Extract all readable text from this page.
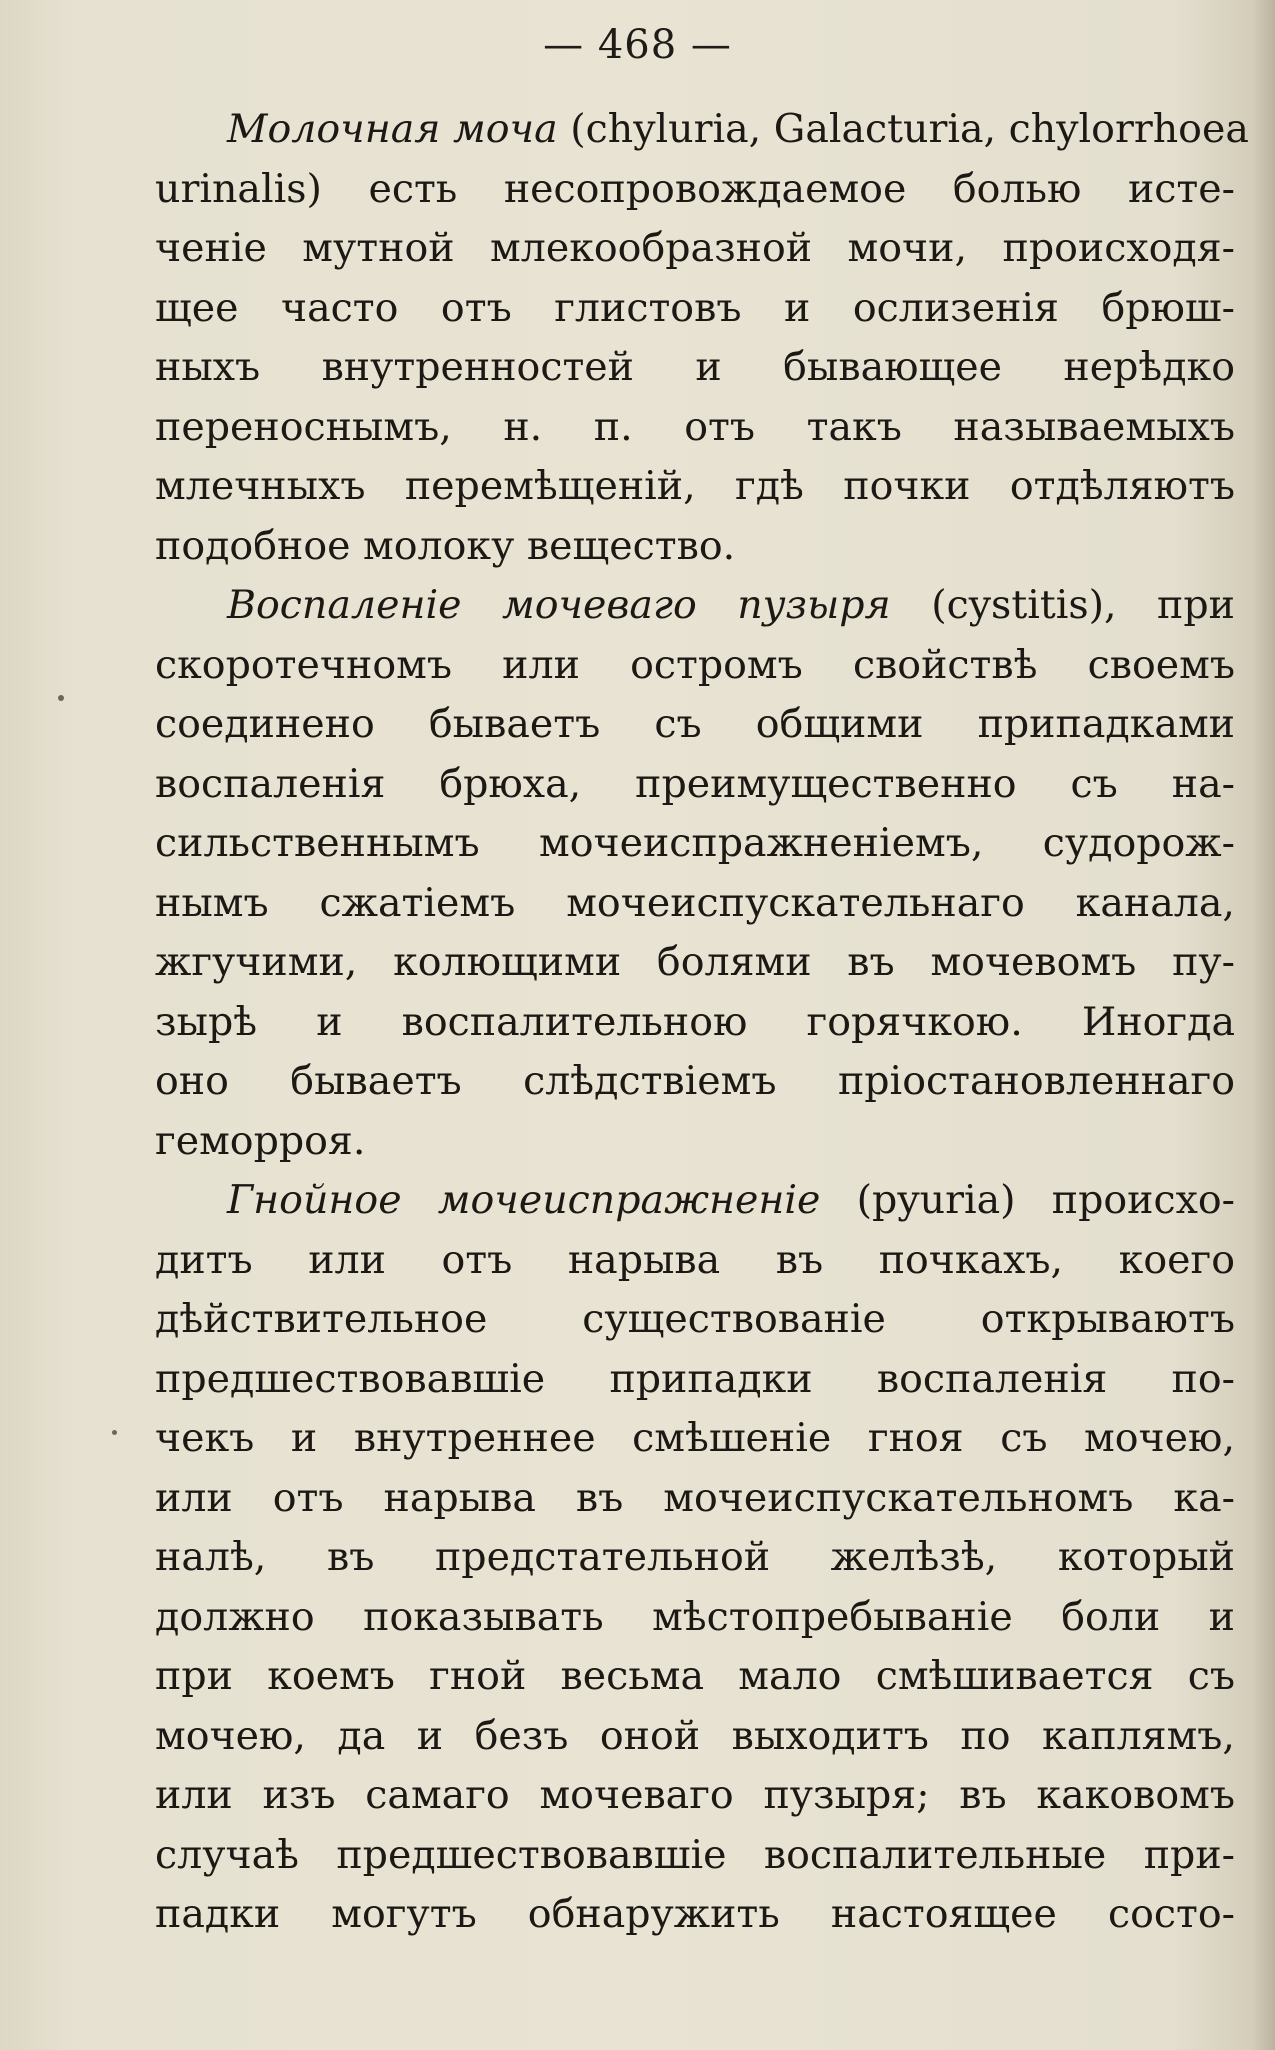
— 468 —
Молочная моча (chyluria, Galacturia, chylorrhoea
urinalis) есть несопровождаемое болью истe-
ченіе мутной млекообразной мочи, происходя-
щее часто отъ глистовъ и ослизенія брюш-
ныхъ внутренностей и бывающее нерѣдко
переноснымъ, н. п. отъ такъ называемыхъ
млечныхъ перемѣщеній, гдѣ почки отдѣляютъ
подобное молоку вещество.
Воспаленіе мочеваго пузыря (cystitis), при
скоротечномъ или остромъ свойствѣ своемъ
соединено бываетъ съ общими припадками
воспаленія брюха, преимущественно съ на-
сильственнымъ мочеиспражненіемъ, судорож-
нымъ сжатіемъ мочеиспускательнаго канала,
жгучими, колющими болями въ мочевомъ пу-
зырѣ и воспалительною горячкою. Иногда
оно бываетъ слѣдствіемъ пріостановленнаго
геморроя.
Гнойное мочеиспражненіе (pyuria) происхо-
дитъ или отъ нарыва въ почкахъ, коего
дѣйствительное существованіе открываютъ
предшествовавшіе припадки воспаленія по-
чекъ и внутреннее смѣшеніе гноя съ мочею,
или отъ нарыва въ мочеиспускательномъ ка-
налѣ, въ предстательной желѣзѣ, который
должно показывать мѣстопребываніе боли и
при коемъ гной весьма мало смѣшивается съ
мочею, да и безъ оной выходитъ по каплямъ,
или изъ самаго мочеваго пузыря; въ каковомъ
случаѣ предшествовавшіе воспалительные при-
падки могутъ обнаружить настоящее состо-
